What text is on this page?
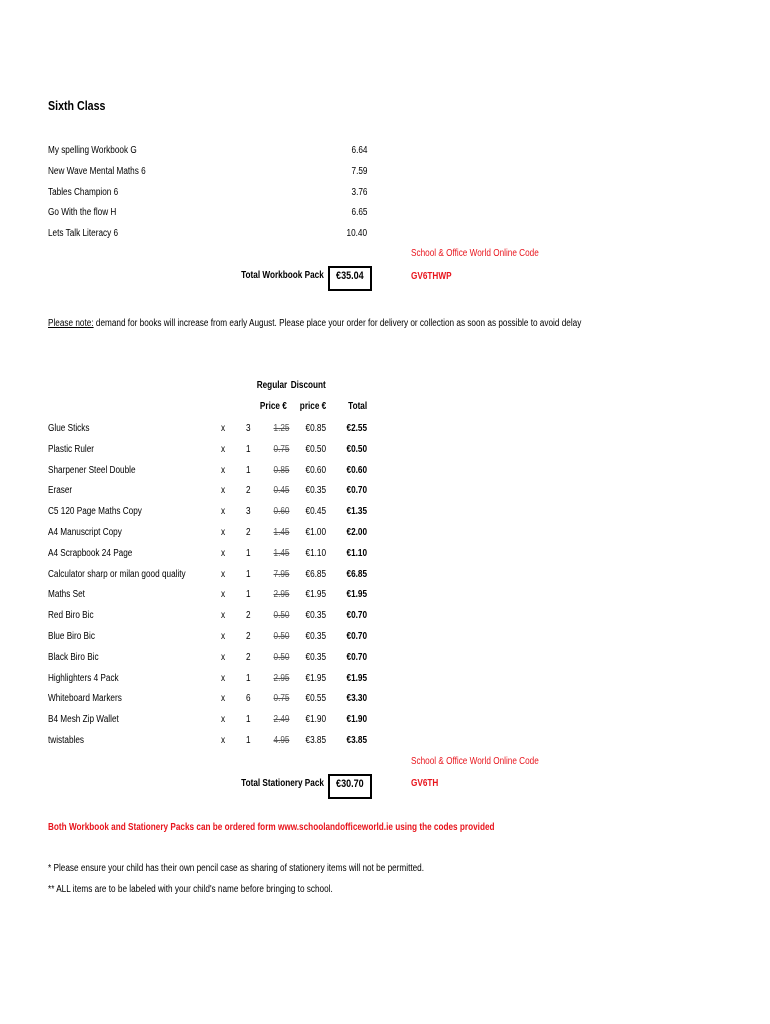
Sixth Class
My spelling Workbook G	6.64
New Wave Mental Maths 6	7.59
Tables Champion 6	3.76
Go With the flow H	6.65
Lets Talk Literacy 6	10.40
Total Workbook Pack €35.04
School & Office World Online Code
GV6THWP
Please note: demand for books will increase from early August. Please place your order for delivery or collection as soon as possible to avoid delay
Regular
Price €
Discount
price € Total
Glue Sticks	x 3 1.25 €0.85 €2.55
Plastic Ruler	x 1 0.75 €0.50 €0.50
Sharpener Steel Double	x 1 0.85 €0.60 €0.60
Eraser	x 2 0.45 €0.35 €0.70
C5 120 Page Maths Copy	x 3 0.60 €0.45 €1.35
A4 Manuscript Copy	x 2 1.45 €1.00 €2.00
A4 Scrapbook 24 Page	x 1 1.45 €1.10 €1.10
Calculator sharp or milan good quality	x 1 7.95 €6.85 €6.85
Maths Set	x 1 2.95 €1.95 €1.95
Red Biro Bic	x 2 0.50 €0.35 €0.70
Blue Biro Bic	x 2 0.50 €0.35 €0.70
Black Biro Bic	x 2 0.50 €0.35 €0.70
Highlighters 4 Pack	x 1 2.95 €1.95 €1.95
Whiteboard Markers	x 6 0.75 €0.55 €3.30
B4 Mesh Zip Wallet	x 1 2.49 €1.90 €1.90
twistables	x 1 4.95 €3.85 €3.85
Total Stationery Pack €30.70
School & Office World Online Code
GV6TH
Both Workbook and Stationery Packs can be ordered form www.schoolandofficeworld.ie using the codes provided
* Please ensure your child has their own pencil case as sharing of stationery items will not be permitted.
** ALL items are to be labeled with your child's name before bringing to school.
